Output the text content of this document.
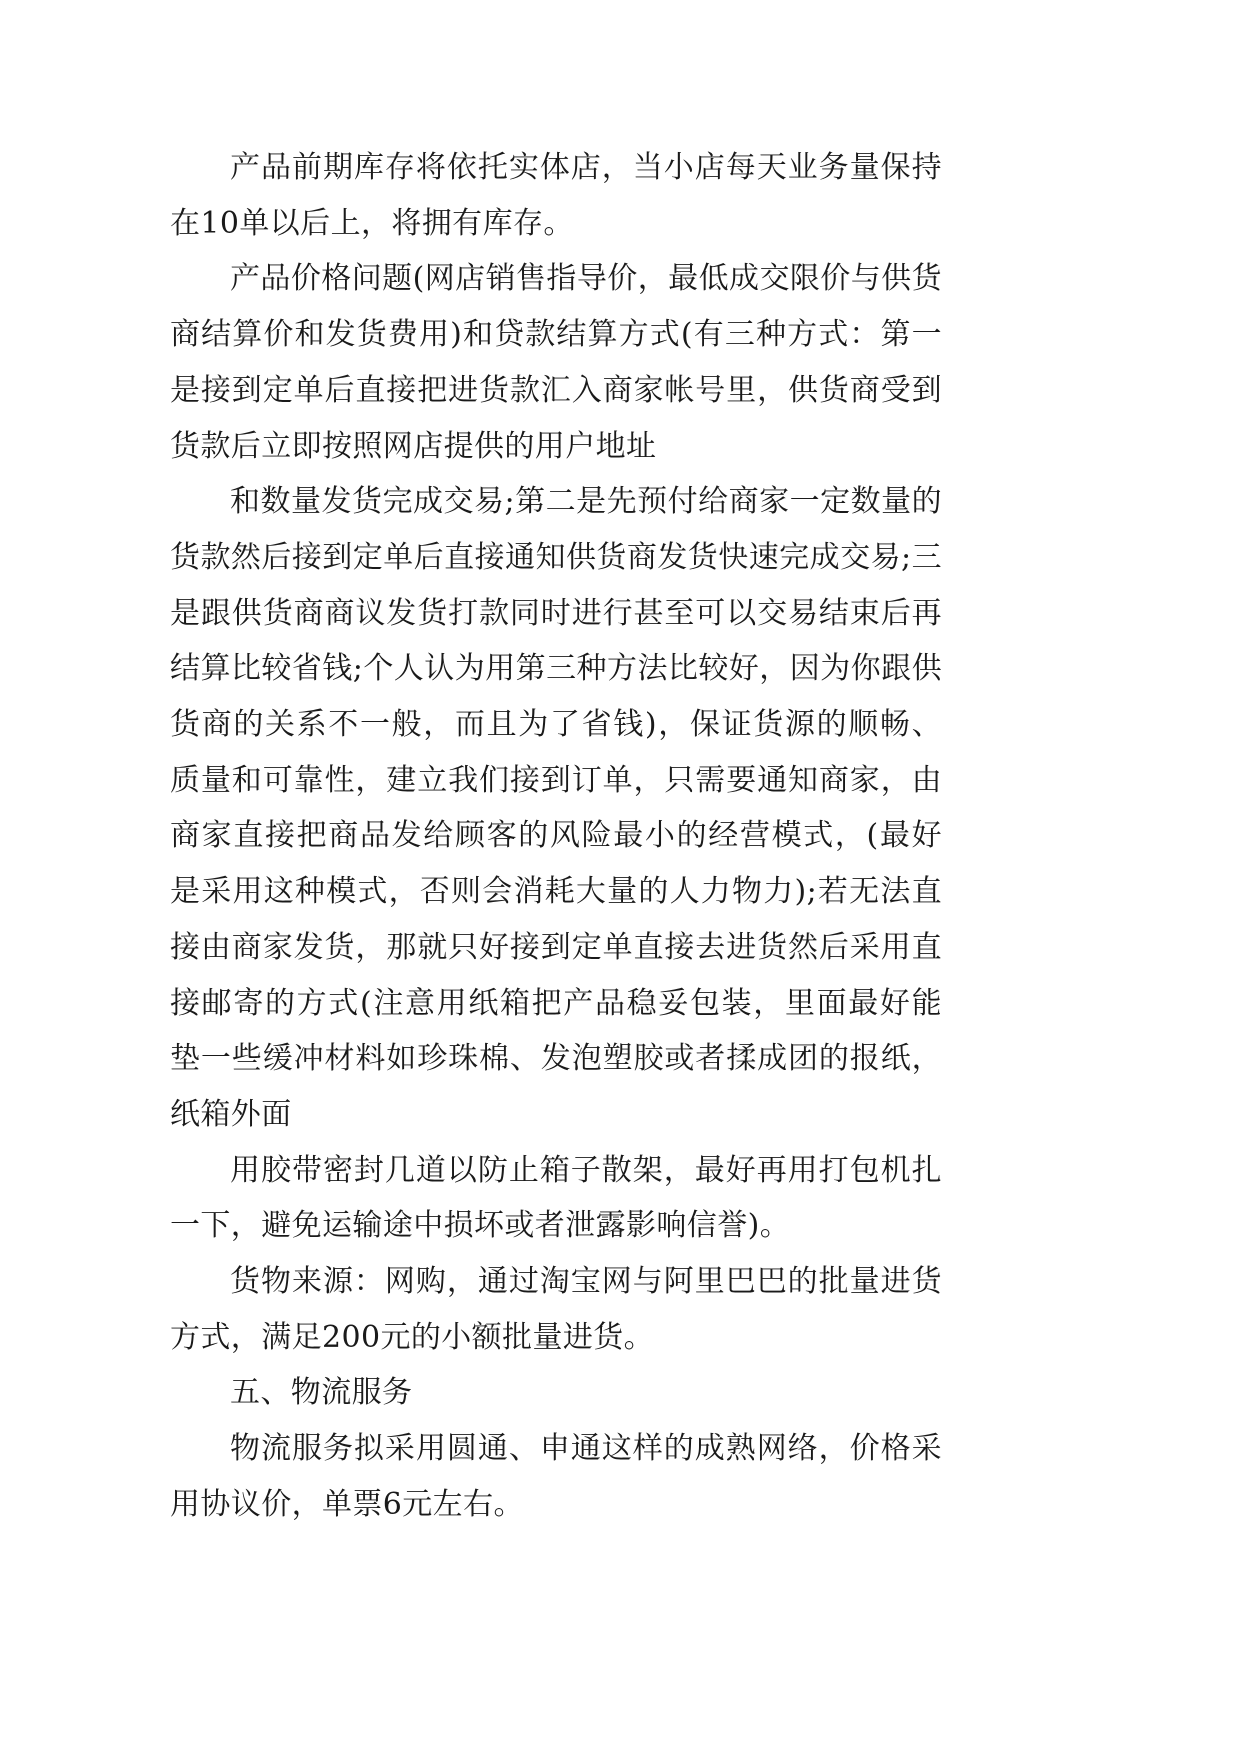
产品前期库存将依托实体店，当小店每天业务量保持在10单以后上，将拥有库存。

产品价格问题(网店销售指导价，最低成交限价与供货商结算价和发货费用)和贷款结算方式(有三种方式：第一是接到定单后直接把进货款汇入商家帐号里，供货商受到货款后立即按照网店提供的用户地址

和数量发货完成交易;第二是先预付给商家一定数量的货款然后接到定单后直接通知供货商发货快速完成交易;三是跟供货商商议发货打款同时进行甚至可以交易结束后再结算比较省钱;个人认为用第三种方法比较好，因为你跟供货商的关系不一般，而且为了省钱)，保证货源的顺畅、质量和可靠性，建立我们接到订单，只需要通知商家，由商家直接把商品发给顾客的风险最小的经营模式，(最好是采用这种模式，否则会消耗大量的人力物力);若无法直接由商家发货，那就只好接到定单直接去进货然后采用直接邮寄的方式(注意用纸箱把产品稳妥包装，里面最好能垫一些缓冲材料如珍珠棉、发泡塑胶或者揉成团的报纸，纸箱外面

用胶带密封几道以防止箱子散架，最好再用打包机扎一下，避免运输途中损坏或者泄露影响信誉)。

货物来源：网购，通过淘宝网与阿里巴巴的批量进货方式，满足200元的小额批量进货。

五、物流服务

物流服务拟采用圆通、申通这样的成熟网络，价格采用协议价，单票6元左右。
